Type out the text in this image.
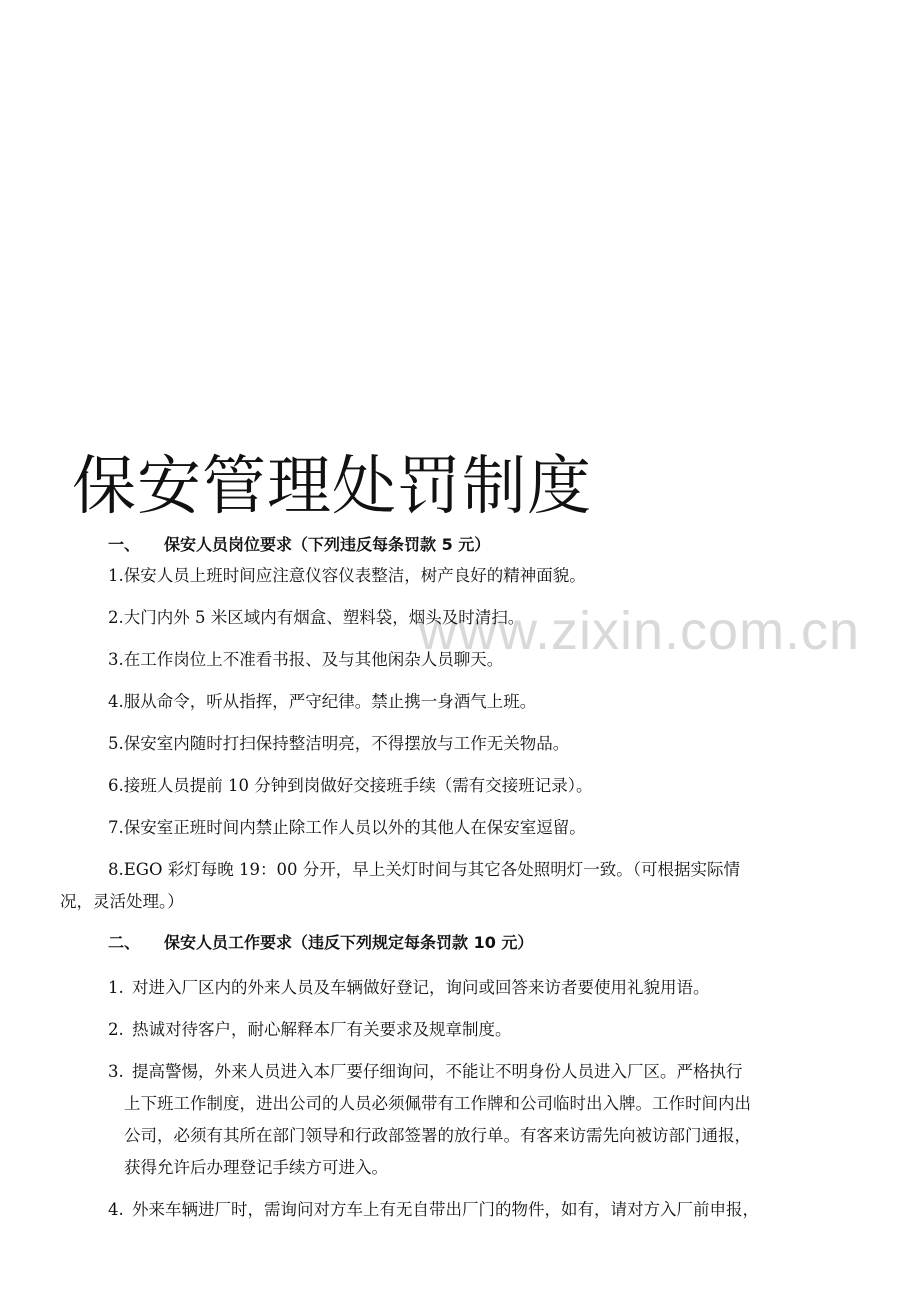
www.zixin.com.cn
保安管理处罚制度
一、 保安人员岗位要求（下列违反每条罚款 5 元）
1.保安人员上班时间应注意仪容仪表整洁，树产良好的精神面貌。
2.大门内外 5 米区域内有烟盒、塑料袋，烟头及时清扫。
3.在工作岗位上不准看书报、及与其他闲杂人员聊天。
4.服从命令，听从指挥，严守纪律。禁止携一身酒气上班。
5.保安室内随时打扫保持整洁明亮，不得摆放与工作无关物品。
6.接班人员提前 10 分钟到岗做好交接班手续（需有交接班记录）。
7.保安室正班时间内禁止除工作人员以外的其他人在保安室逗留。
8.EGO 彩灯每晚 19：00 分开，早上关灯时间与其它各处照明灯一致。（可根据实际情
况，灵活处理。）
二、 保安人员工作要求（违反下列规定每条罚款 10 元）
1. 对进入厂区内的外来人员及车辆做好登记，询问或回答来访者要使用礼貌用语。
2. 热诚对待客户，耐心解释本厂有关要求及规章制度。
3. 提高警惕，外来人员进入本厂要仔细询问，不能让不明身份人员进入厂区。严格执行
上下班工作制度，进出公司的人员必须佩带有工作牌和公司临时出入牌。工作时间内出
公司，必须有其所在部门领导和行政部签署的放行单。有客来访需先向被访部门通报，
获得允许后办理登记手续方可进入。
4. 外来车辆进厂时，需询问对方车上有无自带出厂门的物件，如有，请对方入厂前申报，
